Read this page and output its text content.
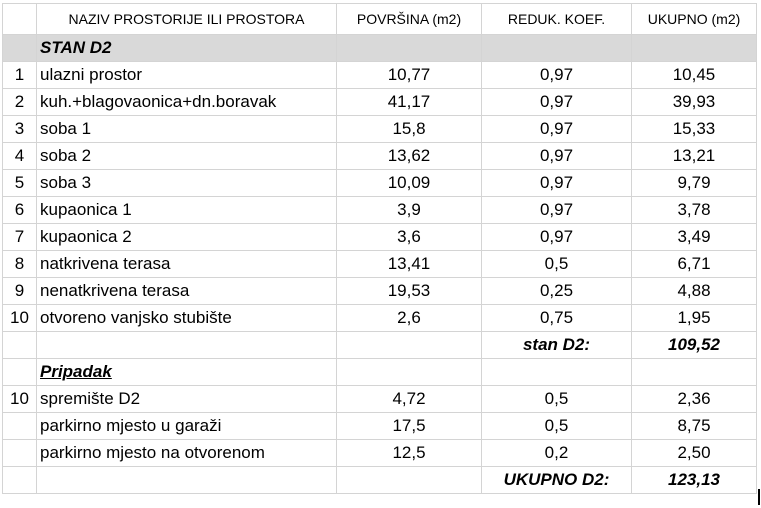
	NAZIV PROSTORIJE ILI PROSTORA	POVRŠINA (m2)	REDUK. KOEF.	UKUPNO (m2)
	STAN D2			
1	ulazni prostor	10,77	0,97	10,45
2	kuh.+blagovaonica+dn.boravak	41,17	0,97	39,93
3	soba 1	15,8	0,97	15,33
4	soba 2	13,62	0,97	13,21
5	soba 3	10,09	0,97	9,79
6	kupaonica 1	3,9	0,97	3,78
7	kupaonica 2	3,6	0,97	3,49
8	natkrivena terasa	13,41	0,5	6,71
9	nenatkrivena terasa	19,53	0,25	4,88
10	otvoreno vanjsko stubište	2,6	0,75	1,95
			stan D2:	109,52
	Pripadak			
10	spremište D2	4,72	0,5	2,36
	parkirno mjesto u garaži	17,5	0,5	8,75
	parkirno mjesto na otvorenom	12,5	0,2	2,50
			UKUPNO D2:	123,13
